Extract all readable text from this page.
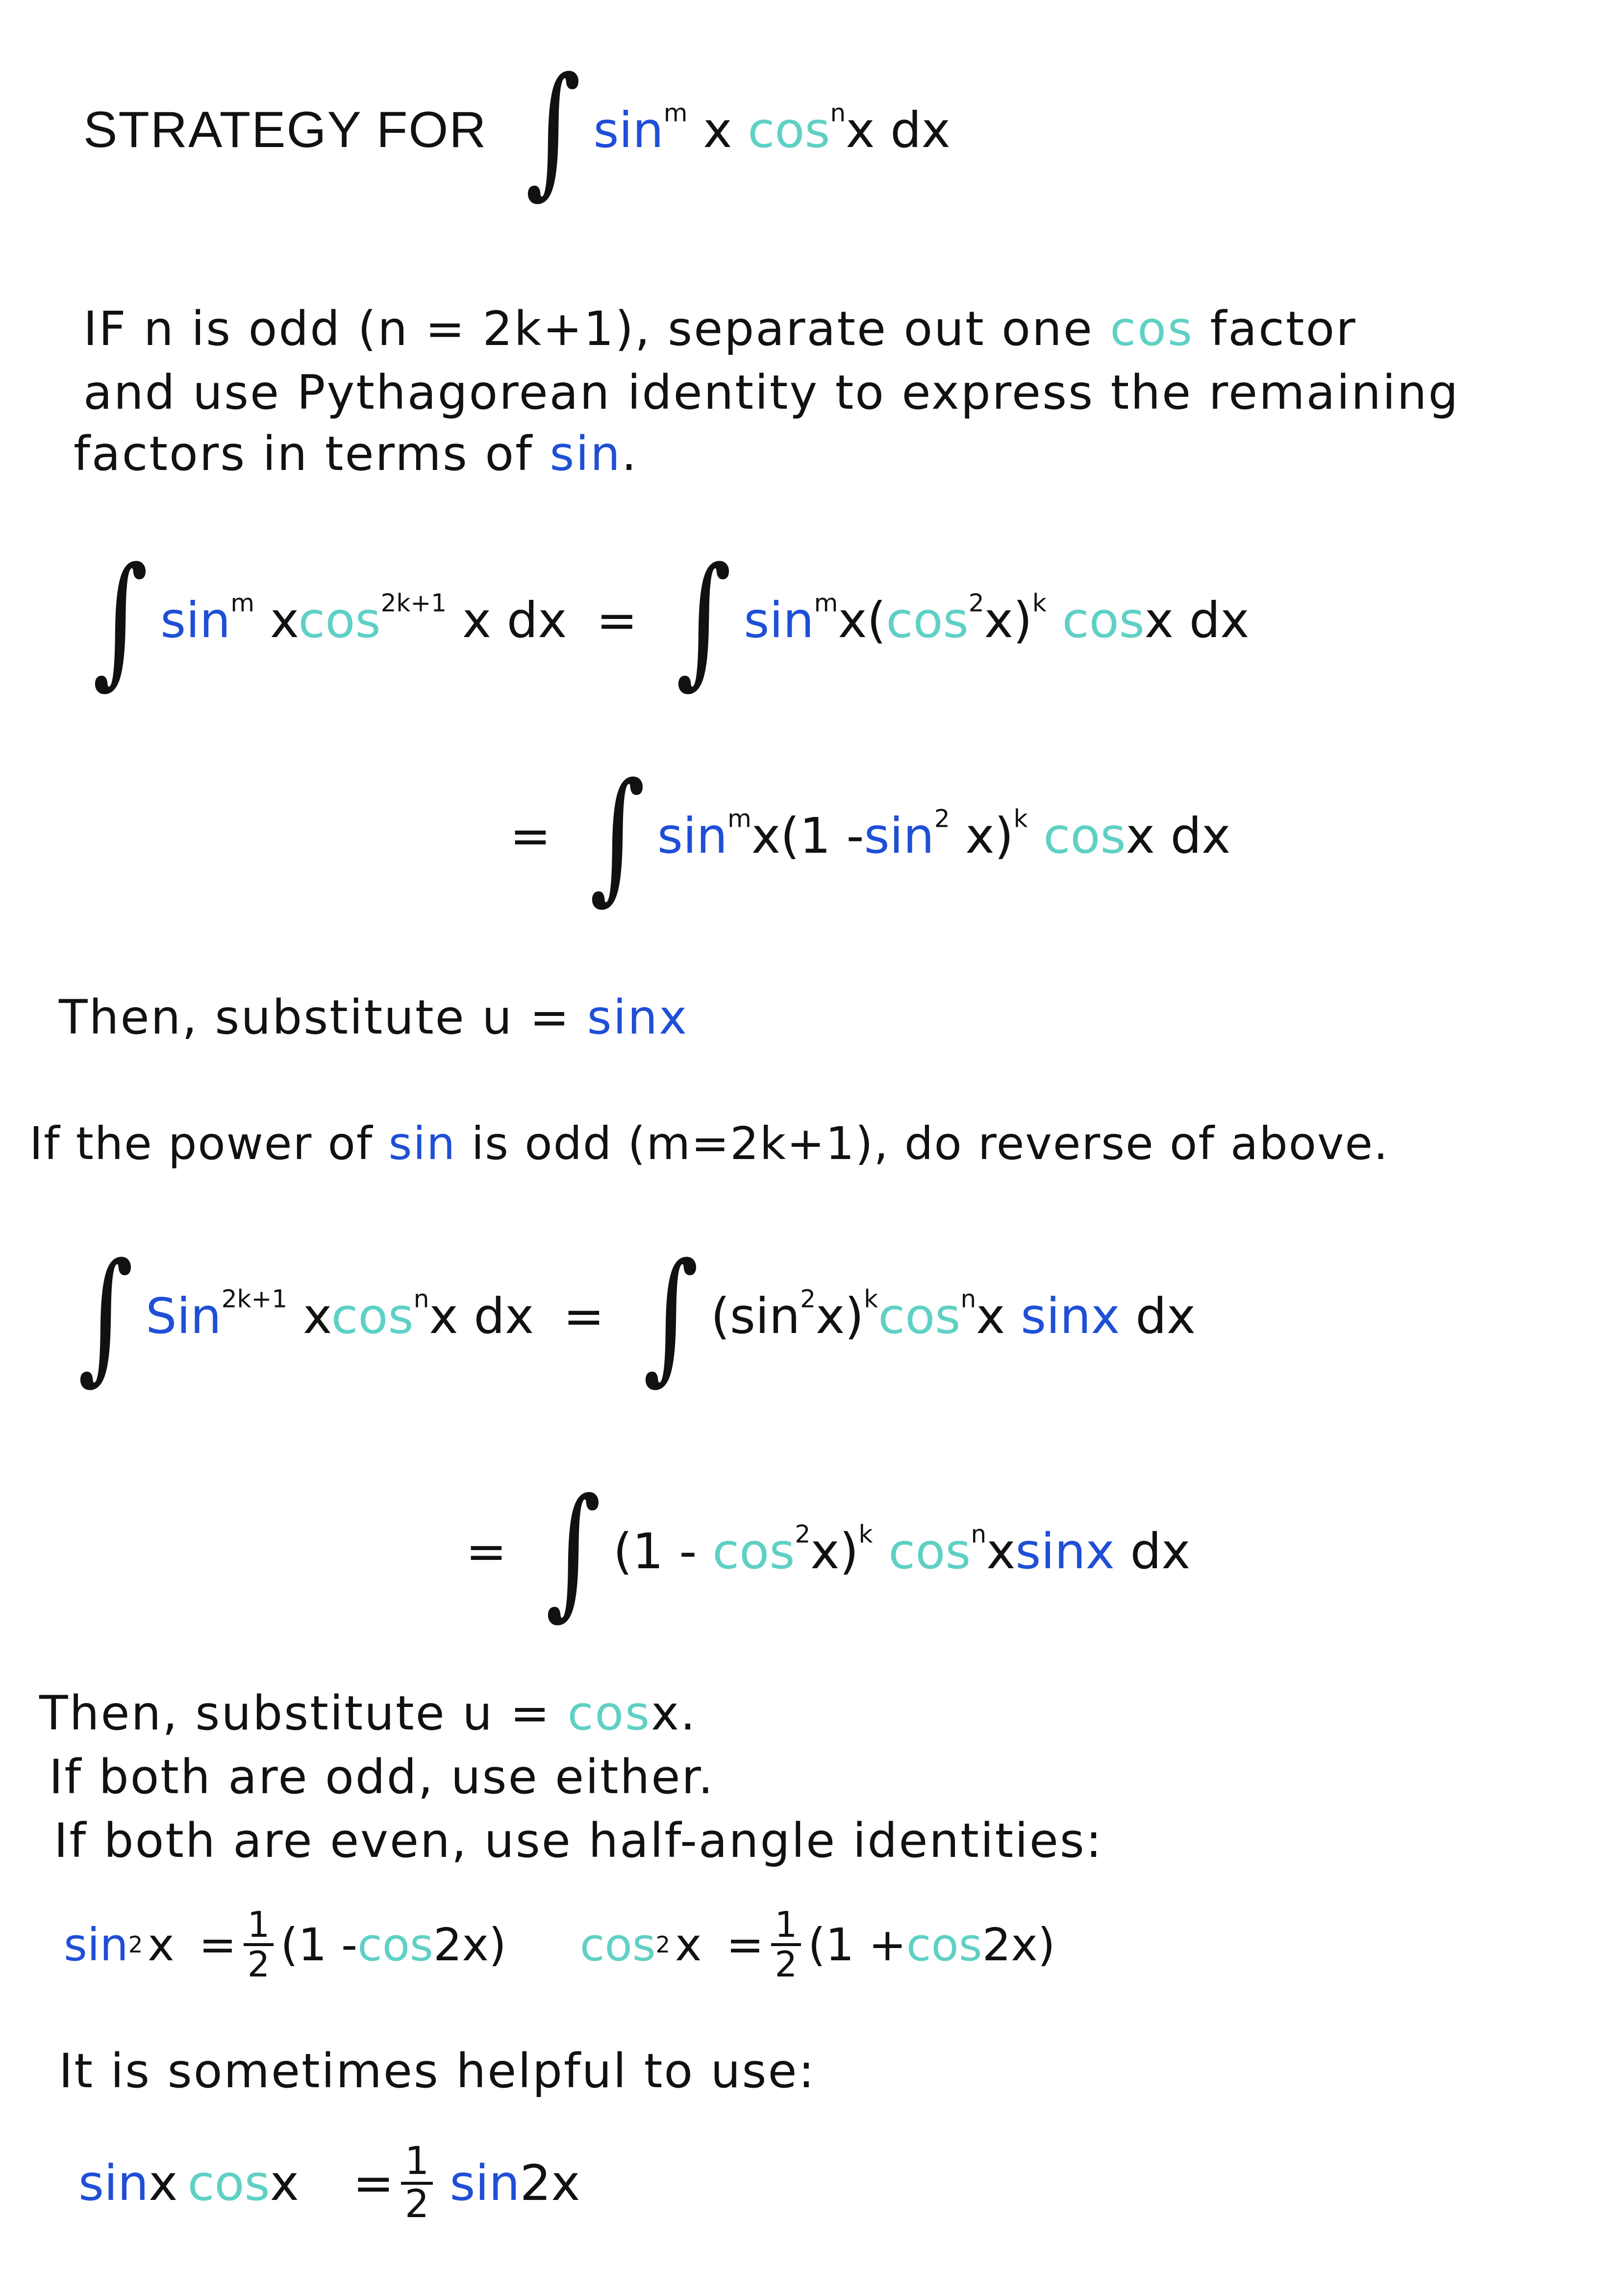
STRATEGY FOR ∫ $\sin^m x$ $\cos^nx$ dx
IF n is odd (n = 2k+1), separate out one cos factor
and use Pythagorean identity to express the remaining
factors in terms of sin.
∫ $\sin^m xcos^{2k+1}$ x dx = ∫ $\sin^mx(\cos^2x)^k$ cosx dx
= ∫ $\sin^mx(1$ $-\sin^2$ x)$^k$ cosx dx
Then, substitute u = sinx
If the power of sin is odd (m=2k+1), do reverse of above.
∫ Sin$^{2k+1}$ xcos$^n$x dx = ∫ $(\sin^2x)^k\cos^nx$ sinx dx
= ∫ $(1 - \cos^2x)^k$ $\cos^nxsinx$ dx
Then, substitute u = cosx.
If both are odd, use either.
If both are even, use half-angle identities:
sin 2 $x = \frac{1}{2} (1 - \cos 2x)$ cos 2 $x = \frac{1}{2} (1 + \cos 2x)$
It is sometimes helpful to use:
sin x $\cos x = \frac{1}{2}$ sin 2x
